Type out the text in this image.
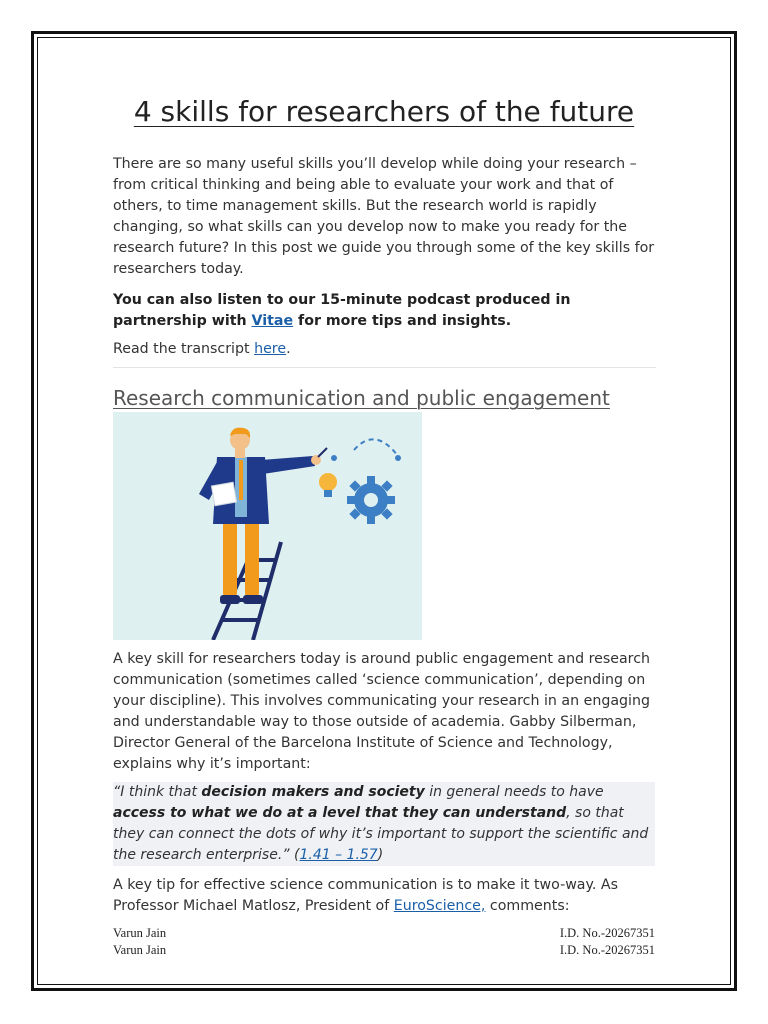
4 skills for researchers of the future
There are so many useful skills you’ll develop while doing your research – from critical thinking and being able to evaluate your work and that of others, to time management skills. But the research world is rapidly changing, so what skills can you develop now to make you ready for the research future? In this post we guide you through some of the key skills for researchers today.
You can also listen to our 15-minute podcast produced in partnership with Vitae for more tips and insights.
Read the transcript here.
Research communication and public engagement
A key skill for researchers today is around public engagement and research communication (sometimes called ‘science communication’, depending on your discipline). This involves communicating your research in an engaging and understandable way to those outside of academia. Gabby Silberman, Director General of the Barcelona Institute of Science and Technology, explains why it’s important:
“I think that decision makers and society in general needs to have access to what we do at a level that they can understand, so that they can connect the dots of why it’s important to support the scientific and the research enterprise.” (1.41 – 1.57)
A key tip for effective science communication is to make it two-way. As Professor Michael Matlosz, President of EuroScience, comments:
Varun Jain	I.D. No.-20267351
Varun Jain	I.D. No.-20267351
